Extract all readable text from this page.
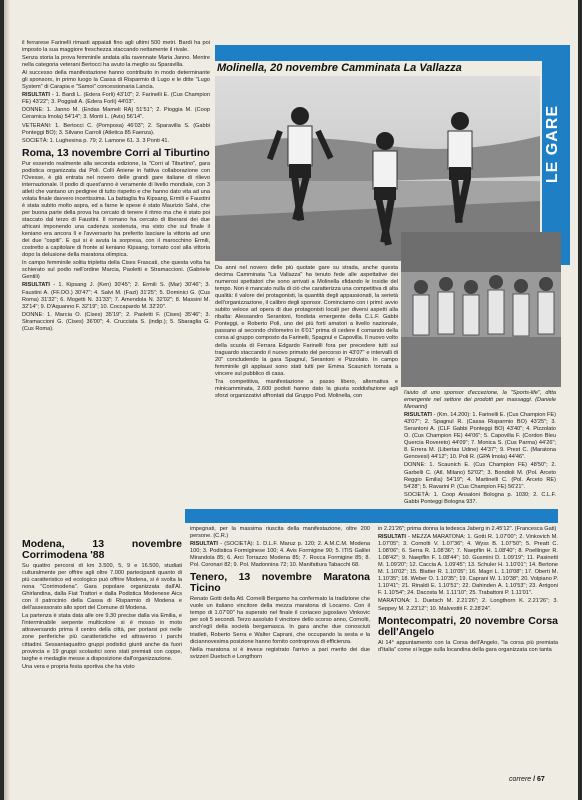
il ferrarese Farinelli rimasti appaiati fino agli ultimi 500 metri. Bardi ha poi imposto la sua maggiore freschezza staccando nettamente il rivale.

Senza storia la prova femminile andata alla ravennate Maria Janno. Mentre nella categoria veterani Bertocci ha avuto la meglio su Sparavilla.

Al successo della manifestazione hanno contribuito in modo determinante gli sponsors, in primo luogo la Cassa di Risparmio di Lugo e le ditte "Lugo System" di Carapia e "Samoi" concessionaria Lancia.

RISULTATI - 1. Bardi L. (Edera Forli) 43'10"; 2. Farinelli E. (Cus Champion FE) 43'22"; 3. Poggiali A. (Edera Forli) 44'03".

DONNE: 1. Janno M. (Endas Mameli RA) 51'51"; 2. Pioggia M. (Coop Ceramica Imola) 54'14"; 3. Monti L. (Avis) 56'14".

VETERANI: 1. Bertocci C. (Pomposa) 46'03"; 2. Sparavilla S. (Gabbi Ponteggi BO); 3. Silvano Carroli (Atletica 85 Faenza).

SOCIETÀ: 1. Lughesina p. 79; 2. Lamone 61. 3. 3 Ponti 41.

Roma, 13 novembre Corri al Tiburtino

Pur essendo realmente alla seconda edizione, la "Corri al Tiburtino", gara podistica organizzata dai Poli. Colli Aniene in fattiva collaborazione con l'Ovesse, è già entrata nel novero delle grandi gare italiane di rilievo internazionale. Il podio di quest'anno è veramente di livello mondiale, con 3 atleti che vantano un pedigree di tutto rispetto e che hanno dato vita ad una volata finale davvero incertissima. La battaglia fra Kipsang, Ermili e Faustini è stata subito molto aspra, ed a farne le spese è stato Maurizio Salvi, che per buona parte della prova ha cercato di tenere il ritmo ma che è stato poi staccato dal terzo di Faustini. Il romano ha cercato di liberarsi dei due africani imponendo una cadenza sostenuta, ma visto che sul finale il keniano era ancora lì e l'avversario ha preferito lasciare la vittoria ad uno dei due "ospiti". E qui si è avuta la sorpresa, con il marocchino Ermili, costretto a capitolare di fronte al keniano Kipsang, tornato così alla vittoria dopo la delusione della maratona olimpica.

In campo femminile solita tripletta della Cises Frascati, che questa volta ha schierato sul podio nell'ordine Marcia, Paoletti e Stramaccioni. (Gabriele Gentili)

RISULTATI - 1. Kipsang J. (Ken) 30'45"; 2. Ermili S. (Mar) 30'46"; 3. Faustini A. (FF.OO.) 30'47"; 4. Salvi M. (Fazi) 31'25"; 5. Dominici G. (Cus Roma) 31'32"; 6. Mogetti N. 31'33"; 7. Amendola N. 32'02"; 8. Massini M. 32'14"; 9. D'Aquanno F. 32'19"; 10. Coccapardo M. 32'20".

DONNE: 1. Marcia O. (Cises) 35'19"; 2. Paoletti F. (Cises) 35'46"; 3. Stramaccioni G. (Cises) 36'00"; 4. Crucciata S. (indip.); 5. Sbaraglia G. (Cus Roma).

Modena, 13 novembre Corrimodena '88

Su quattro percorsi di km 3.500, 5, 9 e 16.500, studiati culturalmente per offrire agli oltre 7.000 partecipanti quanto di più caratteristico ed ecologico può offrire Modena, si è svolta la nona "Corrimodena". Gara popolare organizzata dall'AI. Ghirlandina, dalla Fiat Trattori e dalla Podistica Modenese Aics con il patrocinio della Cassa di Risparmio di Modena e dell'assessorato allo sport del Comune di Modena.

La partenza è stata data alle ore 9.30 precise dalla via Emilia, e l'interminabile serpente multicolore si è mosso in moto attraversando prima il centro della città, per portarsi poi nelle zone periferiche più caratteristiche ed attraverso i parchi cittadini. Sessantaquattro gruppi podistici giunti anche da fuori provincia e 19 gruppi scolastici sono stati premiati con coppe, targhe e medaglie messe a disposizione dall'organizzazione.

Una vera e propria festa sportiva che ha visto

Molinella, 20 novembre Camminata La Vallazza
LE GARE

Da anni nel novero delle più quotate gare su strada, anche questa decima Camminata "La Vallazza" ha tenuto fede alle aspettative dei numerosi spettatori che sono arrivati a Molinella sfidando le insidie del tempo. Non è mancato nulla di ciò che caratterizza una competitiva di alta qualità: il valore dei protagonisti, la quantità degli appassionati, la serietà dell'organizzazione, il calibro degli sponsor. Cominciamo con i primi: avvio subito veloce ad opera di due protagonisti locali per diversi aspetti alla ribalta: Alessandro Serantoni, fondista emergente della C.L.F. Gabbi Ponteggi, e Roberto Poli, uno dei più forti amatori a livello nazionale, passano al secondo chilometro in 6'01" prima di cedere il comando della corsa al gruppo composto da Farinelli, Spagnul e Capovilla. Il nuovo volto della scuola di Ferrara Edgardo Farinelli fora per precedere tutti sul traguardo staccando il nuovo primato del percorso in 43'07" e intervalli di 20" concludendo la gara Spagnul, Serantoni e Pizzolato. In campo femminile gli applausi sono stati tutti per Emma Scaunich tornata a vincere sul pubblico di casa.

Tra competitiva, manifestazione a passo libero, alternativa e minicamminata, 2.600 podisti hanno dato la giusta soddisfazione agli sforzi organizzativi affrontati dal Gruppo Pod. Molinella, con	l'aiuto di uno sponsor d'eccezione, la "Sports-life", ditta emergente nel settore dei prodotti per massaggi. (Daniele Menarini)

RISULTATI - (Km. 14.200): 1. Farinelli E. (Cus Champion FE) 43'07"; 2. Spagnul R. (Cassa Risparmio BO) 43'25"; 3. Serantoni A. (CLF Gabbi Ponteggi BO) 43'40"; 4. Pizzolato O. (Cus Champion FE) 44'06"; 5. Capovilla F. (Cordon Bleu Quercia Rovereto) 44'09"; 7. Monica S. (Cus Parma) 44'26"; 8. Errera M. (Libertas Udine) 44'37"; 9. Prest C. (Maratona Genovesi) 44'12"; 10. Poli R. (GPA Imola) 44'46".

DONNE: 1. Scaunich E. (Cus Champion FE) 48'50"; 2. Garbelli C. (Atl. Milano) 52'02"; 3. Bondioli M. (Pol. Arceto Reggio Emilia) 54'19"; 4. Martinelli C. (Pol. Arceto RE) 54'28"; 5. Ravarini P. (Cus Champion FE) 56'21".

SOCIETÀ: 1. Coop Ansaloni Bologna p. 1030; 2. C.L.F. Gabbi Ponteggi Bologna 937.

impegnati, per la massima riuscita della manifestazione, oltre 200 persone. (C.R.)

RISULTATI - (SOCIETÀ): 1. D.L.F. Maruz p. 120; 2. A.M.C.M. Modena 100; 3. Podistica Formiginese 100; 4. Avis Formigine 90; 5. ITIS Galilei Mirandola 85; 6. Arci Torrazzo Modena 85; 7. Rocca Formigine 85; 8. Pol. Coronari 82; 9. Pol. Madonnina 72; 10. Manifattura Tabacchi 68.

Tenero, 13 novembre Maratona Ticino

Renato Gotti della Atl. Cornelli Bergamo ha confermato la tradizione che vuole un italiano vincitore della mezza maratona di Locarno. Con il tempo di 1.07'00" ha superato nel finale il coriaceo jugoslavo Vinkovic per soli 5 secondi. Terzo assoluto il vincitore dello scorso anno, Cornolti, anch'egli della società bergamasca. In gara anche due conosciuti triatleti, Roberto Serra e Walter Caprani, che occupando la sesta e la diciannovesima posizione hanno fornito controprova di efficienza.

Nella maratona si è invece registrato l'arrivo a pari merito dei due svizzeri Duetsch e Longthorn

in 2.21'26"; prima donna la tedesca Jaberg in 2.45'12". (Francesca Gati)

RISULTATI - MEZZA MARATONA: 1. Gotti R. 1.07'00"; 2. Vinkovich M. 1.07'05"; 3. Cornolti V. 1.07'36"; 4. Wyss B. 1.07'50"; 5. Preatt C. 1.08'06"; 6. Serra R. 1.08'36"; 7. Naepflin H. 1.08'40"; 8. Poellinger R. 1.08'42"; 9. Naepflin F. 1.08'44"; 10. Gusmini D. 1.09'19"; 11. Pasinetti M. 1.09'20"; 12. Caccia A. 1.09'45"; 13. Schuler H. 1.10'01"; 14. Bertone M. 1.10'02"; 15. Blatter R. 1.10'05"; 16. Magri L. 1.10'08"; 17. Oberti M. 1.10'35"; 18. Weber O. 1.10'35"; 19. Caprani W. 1.10'38"; 20. Volpiano P. 1.10'41"; 21. Rinaldi E. 1.10'51"; 22. Dahinden A. 1.10'53"; 23. Arrigoni F. 1.10'54"; 24. Dacosta M. 1.11'10"; 25. Trabattoni P. 1.11'01".

MARATONA: 1. Duetsch M. 2.21'26"; 2. Longthorn K. 2.21'26"; 3. Seppey M. 2.23'12"; 10. Malvestiti F. 2.28'24".

Montecompatri, 20 novembre Corsa dell'Angelo

Al 14° appuntamento con la Corsa dell'Angelo, "la corsa più premiata d'Italia" come si legge sulla locandina della gara organizzata con tanta

correre / 67
